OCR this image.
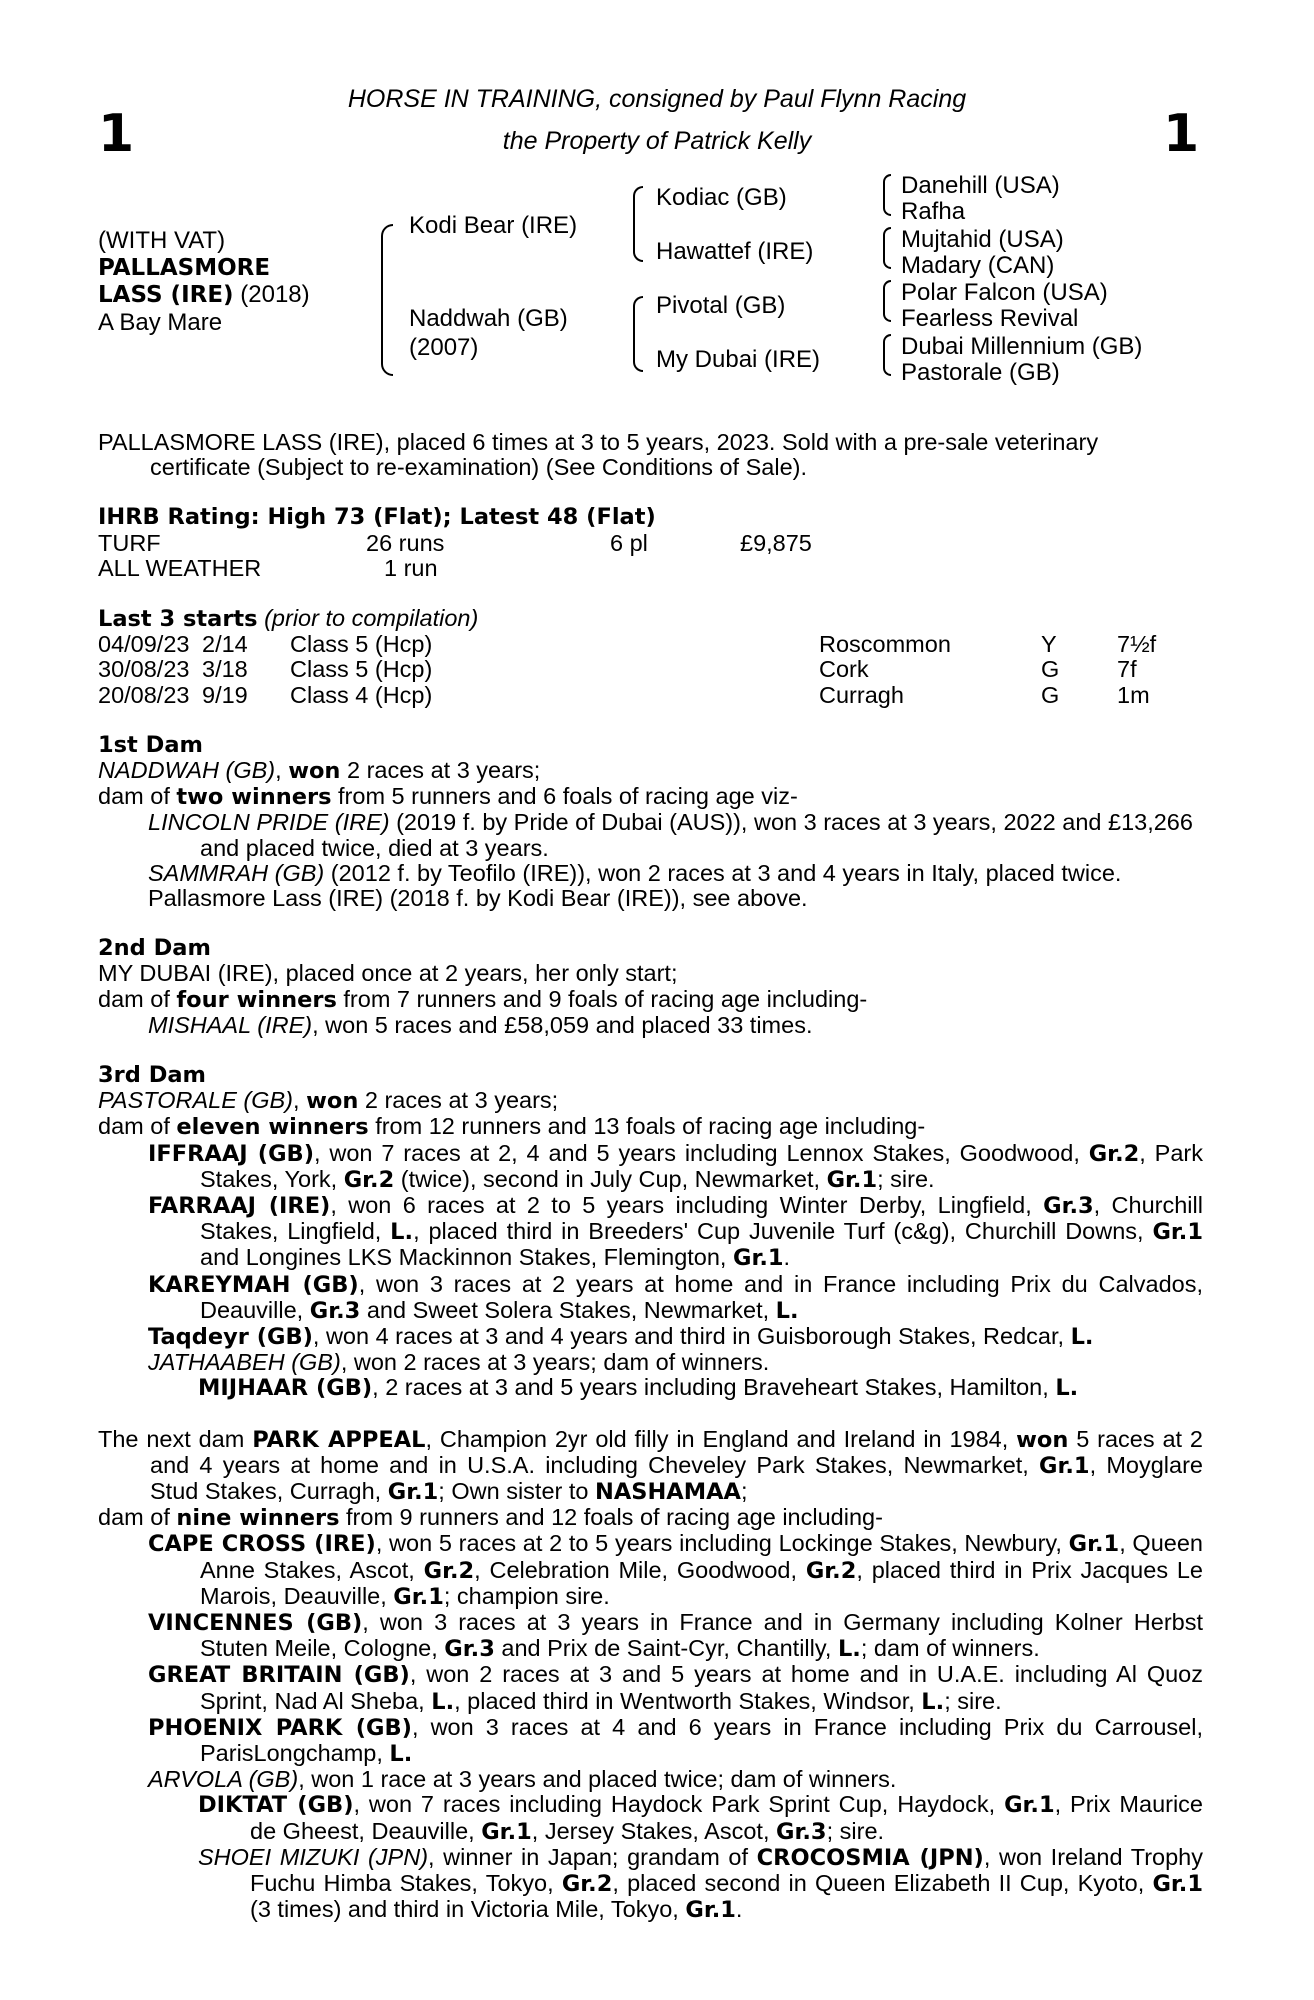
1	1
HORSE IN TRAINING, consigned by Paul Flynn Racing
the Property of Patrick Kelly
(WITH VAT)
PALLASMORE
LASS (IRE) (2018)
A Bay Mare
Kodi Bear (IRE)
Naddwah (GB)
(2007)
Kodiac (GB)
Hawattef (IRE)
Pivotal (GB)
My Dubai (IRE)
Danehill (USA)
Rafha
Mujtahid (USA)
Madary (CAN)
Polar Falcon (USA)
Fearless Revival
Dubai Millennium (GB)
Pastorale (GB)

PALLASMORE LASS (IRE), placed 6 times at 3 to 5 years, 2023. Sold with a pre-sale veterinary certificate (Subject to re-examination) (See Conditions of Sale).

IHRB Rating: High 73 (Flat); Latest 48 (Flat)

TURF	26 runs	6 pl	£9,875
ALL WEATHER	1 run

Last 3 starts (prior to compilation)

04/09/23 2/14 Class 5 (Hcp)	Roscommon	Y	7½f
30/08/23 3/18 Class 5 (Hcp)	Cork	G 7f
20/08/23 9/19 Class 4 (Hcp)	Curragh	G 1m

1st Dam

NADDWAH (GB), won 2 races at 3 years;

dam of two winners from 5 runners and 6 foals of racing age viz-

LINCOLN PRIDE (IRE) (2019 f. by Pride of Dubai (AUS)), won 3 races at 3 years, 2022 and £13,266 and placed twice, died at 3 years.

SAMMRAH (GB) (2012 f. by Teofilo (IRE)), won 2 races at 3 and 4 years in Italy, placed twice.

Pallasmore Lass (IRE) (2018 f. by Kodi Bear (IRE)), see above.

2nd Dam

MY DUBAI (IRE), placed once at 2 years, her only start;

dam of four winners from 7 runners and 9 foals of racing age including-

MISHAAL (IRE), won 5 races and £58,059 and placed 33 times.

3rd Dam

PASTORALE (GB), won 2 races at 3 years;

dam of eleven winners from 12 runners and 13 foals of racing age including-

IFFRAAJ (GB), won 7 races at 2, 4 and 5 years including Lennox Stakes, Goodwood, Gr.2, Park Stakes, York, Gr.2 (twice), second in July Cup, Newmarket, Gr.1; sire.

FARRAAJ (IRE), won 6 races at 2 to 5 years including Winter Derby, Lingfield, Gr.3, Churchill Stakes, Lingfield, L., placed third in Breeders' Cup Juvenile Turf (c&g), Churchill Downs, Gr.1 and Longines LKS Mackinnon Stakes, Flemington, Gr.1.

KAREYMAH (GB), won 3 races at 2 years at home and in France including Prix du Calvados, Deauville, Gr.3 and Sweet Solera Stakes, Newmarket, L.

Taqdeyr (GB), won 4 races at 3 and 4 years and third in Guisborough Stakes, Redcar, L.

JATHAABEH (GB), won 2 races at 3 years; dam of winners.

MIJHAAR (GB), 2 races at 3 and 5 years including Braveheart Stakes, Hamilton, L.

The next dam PARK APPEAL, Champion 2yr old filly in England and Ireland in 1984, won 5 races at 2 and 4 years at home and in U.S.A. including Cheveley Park Stakes, Newmarket, Gr.1, Moyglare Stud Stakes, Curragh, Gr.1; Own sister to NASHAMAA;

dam of nine winners from 9 runners and 12 foals of racing age including-

CAPE CROSS (IRE), won 5 races at 2 to 5 years including Lockinge Stakes, Newbury, Gr.1, Queen Anne Stakes, Ascot, Gr.2, Celebration Mile, Goodwood, Gr.2, placed third in Prix Jacques Le Marois, Deauville, Gr.1; champion sire.

VINCENNES (GB), won 3 races at 3 years in France and in Germany including Kolner Herbst Stuten Meile, Cologne, Gr.3 and Prix de Saint-Cyr, Chantilly, L.; dam of winners.

GREAT BRITAIN (GB), won 2 races at 3 and 5 years at home and in U.A.E. including Al Quoz Sprint, Nad Al Sheba, L., placed third in Wentworth Stakes, Windsor, L.; sire.

PHOENIX PARK (GB), won 3 races at 4 and 6 years in France including Prix du Carrousel, ParisLongchamp, L.

ARVOLA (GB), won 1 race at 3 years and placed twice; dam of winners.

DIKTAT (GB), won 7 races including Haydock Park Sprint Cup, Haydock, Gr.1, Prix Maurice de Gheest, Deauville, Gr.1, Jersey Stakes, Ascot, Gr.3; sire.

SHOEI MIZUKI (JPN), winner in Japan; grandam of CROCOSMIA (JPN), won Ireland Trophy Fuchu Himba Stakes, Tokyo, Gr.2, placed second in Queen Elizabeth II Cup, Kyoto, Gr.1 (3 times) and third in Victoria Mile, Tokyo, Gr.1.
